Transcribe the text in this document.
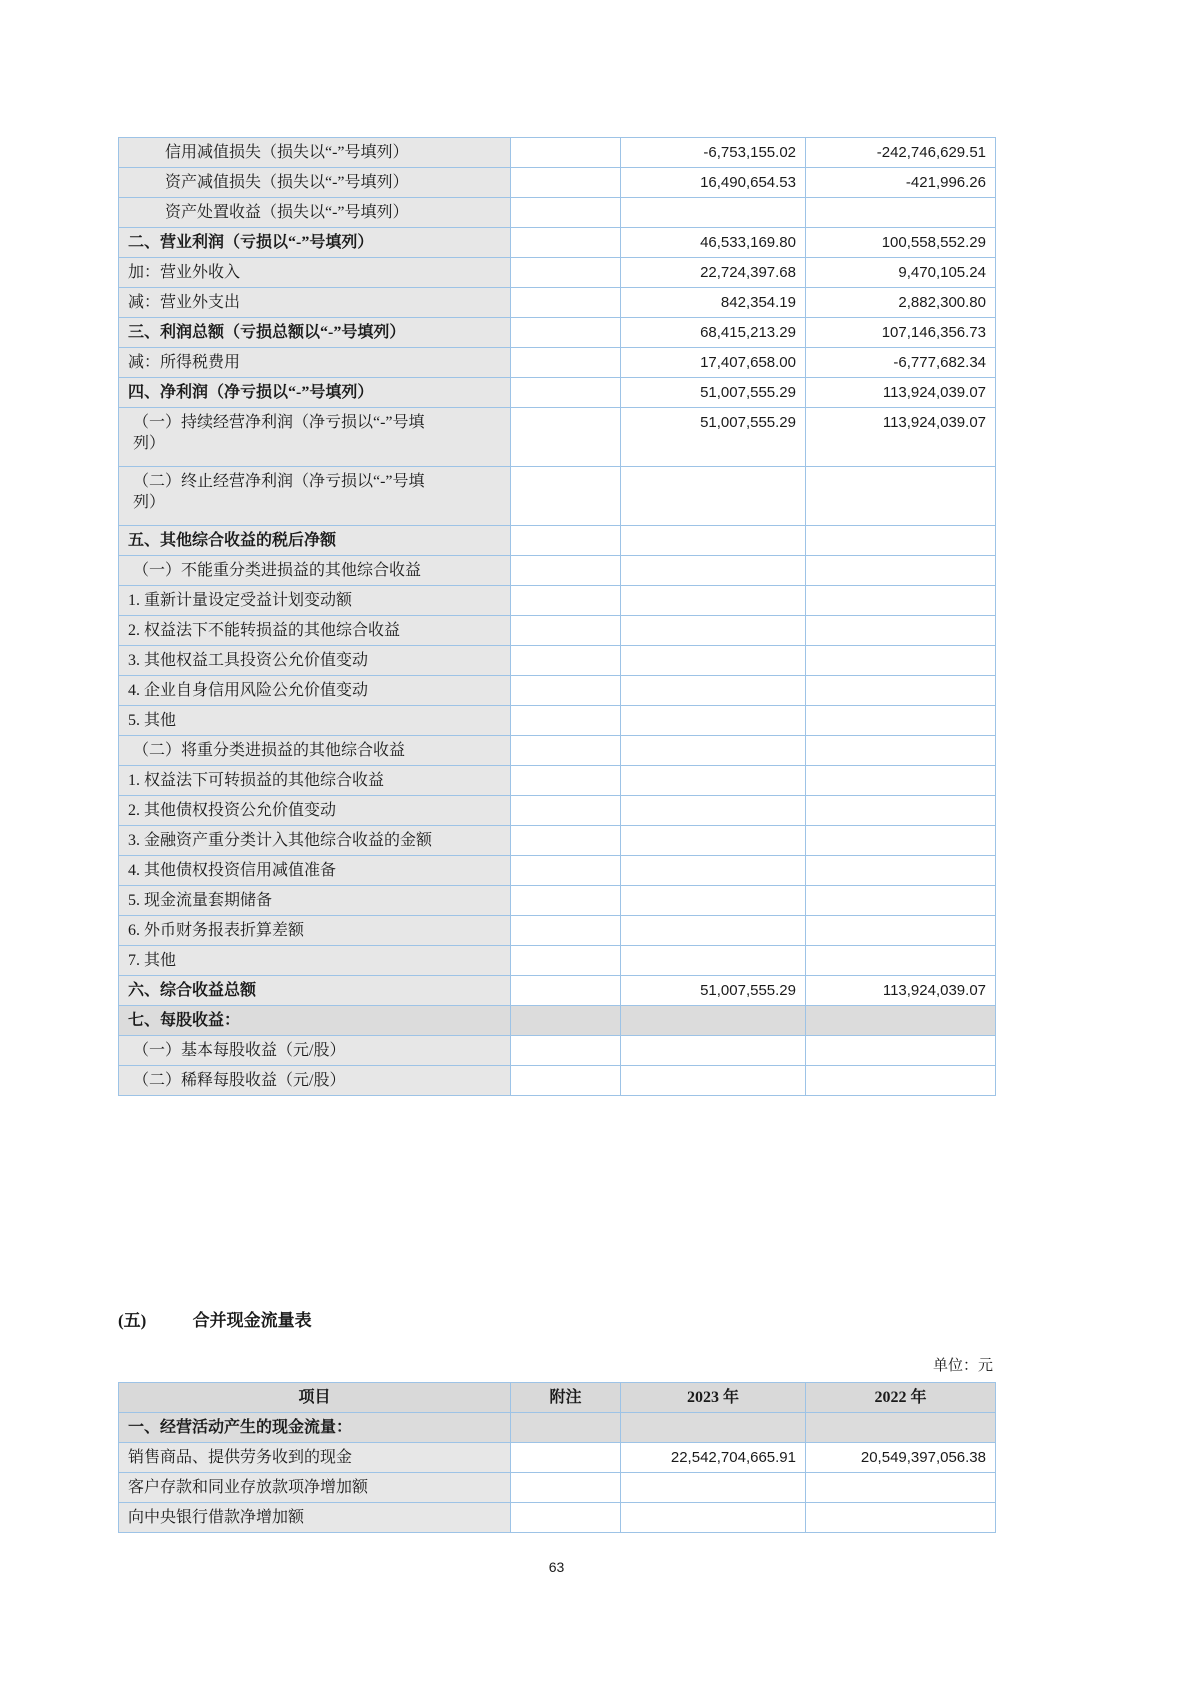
信用减值损失（损失以“-”号填列）		-6,753,155.02	-242,746,629.51
资产减值损失（损失以“-”号填列）		16,490,654.53	-421,996.26
资产处置收益（损失以“-”号填列）			
二、营业利润（亏损以“-”号填列）		46,533,169.80	100,558,552.29
加：营业外收入		22,724,397.68	9,470,105.24
减：营业外支出		842,354.19	2,882,300.80
三、利润总额（亏损总额以“-”号填列）		68,415,213.29	107,146,356.73
减：所得税费用		17,407,658.00	-6,777,682.34
四、净利润（净亏损以“-”号填列）		51,007,555.29	113,924,039.07
（一）持续经营净利润（净亏损以“-”号填列）		51,007,555.29	113,924,039.07
（二）终止经营净利润（净亏损以“-”号填列）			
五、其他综合收益的税后净额			
（一）不能重分类进损益的其他综合收益			
1. 重新计量设定受益计划变动额			
2. 权益法下不能转损益的其他综合收益			
3. 其他权益工具投资公允价值变动			
4. 企业自身信用风险公允价值变动			
5. 其他			
（二）将重分类进损益的其他综合收益			
1. 权益法下可转损益的其他综合收益			
2. 其他债权投资公允价值变动			
3. 金融资产重分类计入其他综合收益的金额			
4. 其他债权投资信用减值准备			
5. 现金流量套期储备			
6. 外币财务报表折算差额			
7. 其他			
六、综合收益总额		51,007,555.29	113,924,039.07
七、每股收益：			
（一）基本每股收益（元/股）			
（二）稀释每股收益（元/股）			
(五)	合并现金流量表
单位：元
项目	附注	2023 年	2022 年
一、经营活动产生的现金流量：			
销售商品、提供劳务收到的现金		22,542,704,665.91	20,549,397,056.38
客户存款和同业存放款项净增加额			
向中央银行借款净增加额			
63
